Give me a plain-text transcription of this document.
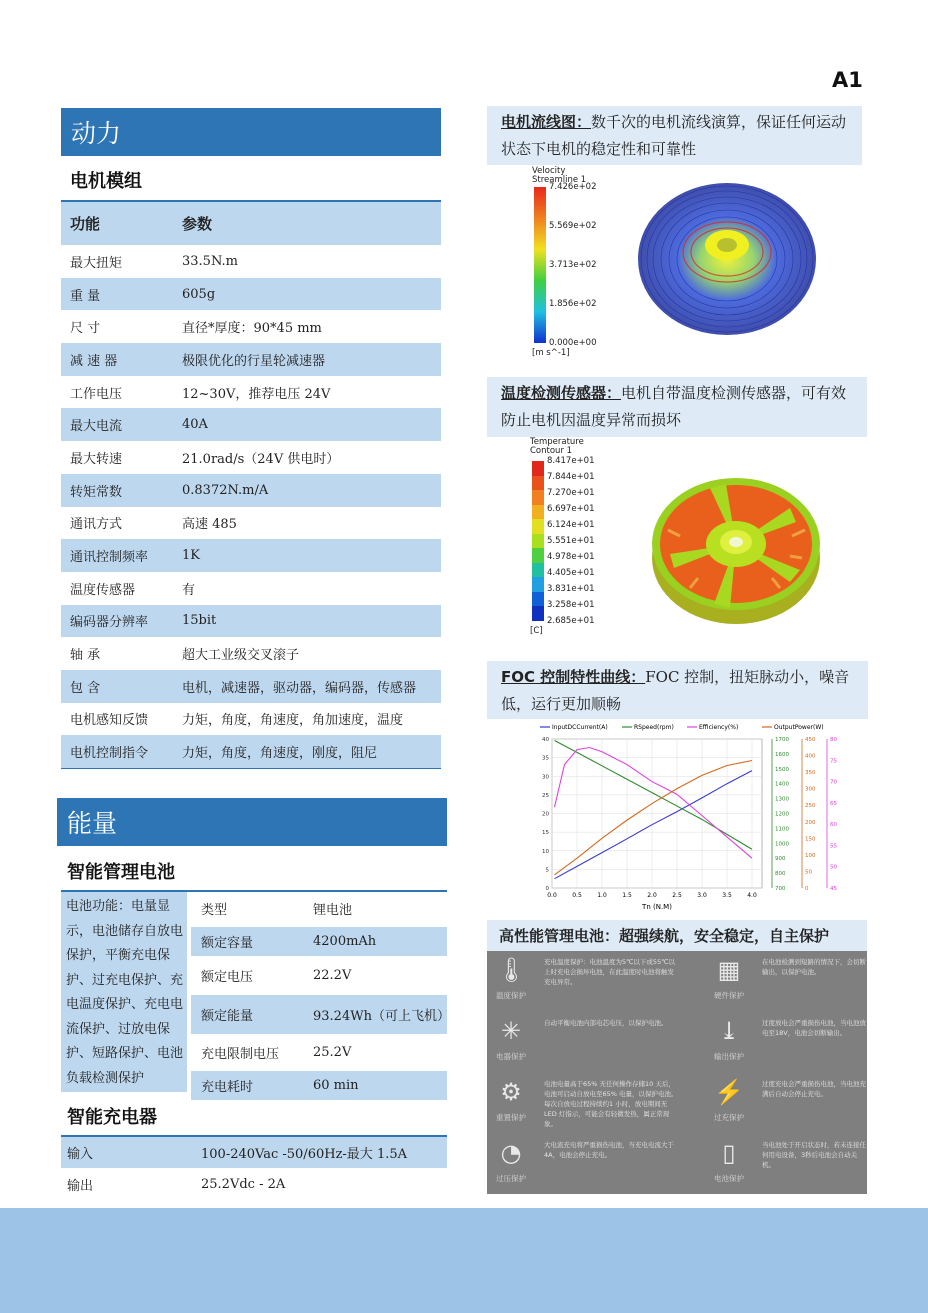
A1
动力
电机模组
功能	参数
最大扭矩	33.5N.m
重 量	605g
尺 寸	直径*厚度：90*45 mm
减 速 器	极限优化的行星轮减速器
工作电压	12~30V，推荐电压 24V
最大电流	40A
最大转速	21.0rad/s（24V 供电时）
转矩常数	0.8372N.m/A
通讯方式	高速 485
通讯控制频率	1K
温度传感器	有
编码器分辨率	15bit
轴 承	超大工业级交叉滚子
包 含	电机，减速器，驱动器，编码器，传感器
电机感知反馈	力矩，角度，角速度，角加速度，温度
电机控制指令	力矩，角度，角速度，刚度，阻尼
能量
智能管理电池
电池功能：电量显示，电池储存自放电保护，平衡充电保护、过充电保护、充电温度保护、充电电流保护、过放电保护、短路保护、电池负载检测保护
类型	锂电池
额定容量	4200mAh
额定电压	22.2V
额定能量	93.24Wh（可上飞机）
充电限制电压	25.2V
充电耗时	60 min
智能充电器
输入	100-240Vac -50/60Hz-最大 1.5A
输出	25.2Vdc - 2A
电机流线图：数千次的电机流线演算，保证任何运动状态下电机的稳定性和可靠性
Velocity
Streamline 1
7.426e+02
5.569e+02
3.713e+02
1.856e+02
0.000e+00
[m s^-1]
温度检测传感器：电机自带温度检测传感器，可有效防止电机因温度异常而损坏
Temperature
Contour 1
8.417e+01
7.844e+01
7.270e+01
6.697e+01
6.124e+01
5.551e+01
4.978e+01
4.405e+01
3.831e+01
3.258e+01
2.685e+01
[C]
FOC 控制特性曲线：FOC 控制，扭矩脉动小，噪音低，运行更加顺畅
InputDCCurrent(A)	RSpeed(rpm)	Efficiency(%)	OutputPower(W)
0.0	0.5	1.0	1.5	2.0	2.5	3.0	3.5	4.0
0
5
10
15
20
25
30
35
40
700
800
900
1000
1100
1200
1300
1400
1500
1600
1700
0
50
100
150
200
250
300
350
400
450
45
50
55
60
65
70
75
80
Tn (N.M)
高性能管理电池：超强续航，安全稳定，自主保护
🌡
温度保护
充电温度保护：电池温度为5℃以下或55℃以上时充电会损坏电池，在此温度时电池将触发充电异常。	▦
硬件保护
在电池检测到短路的情况下，会切断输出，以保护电池。
✳
电器保护
自动平衡电池内部电芯电压，以保护电池。	⤓
输出保护
过度放电会严重损伤电池，当电池放电至18V，电池会切断输出。
⚙
重置保护
电池电量高于65% 无任何操作存储10 天后，电池可启动自放电至65% 电量，以保护电池。每次自放电过程持续约1 小时，放电期间无LED 灯指示，可能会有轻微发热，属正常现象。
⚡
过充保护
过度充电会严重损伤电池，当电池充满后自动会停止充电。
◔
过压保护
大电流充电将严重损伤电池，当充电电流大于4A，电池会停止充电。	▯
电池保护
当电池处于开启状态时，若未连接任何用电设备，3秒后电池会自动关机。
